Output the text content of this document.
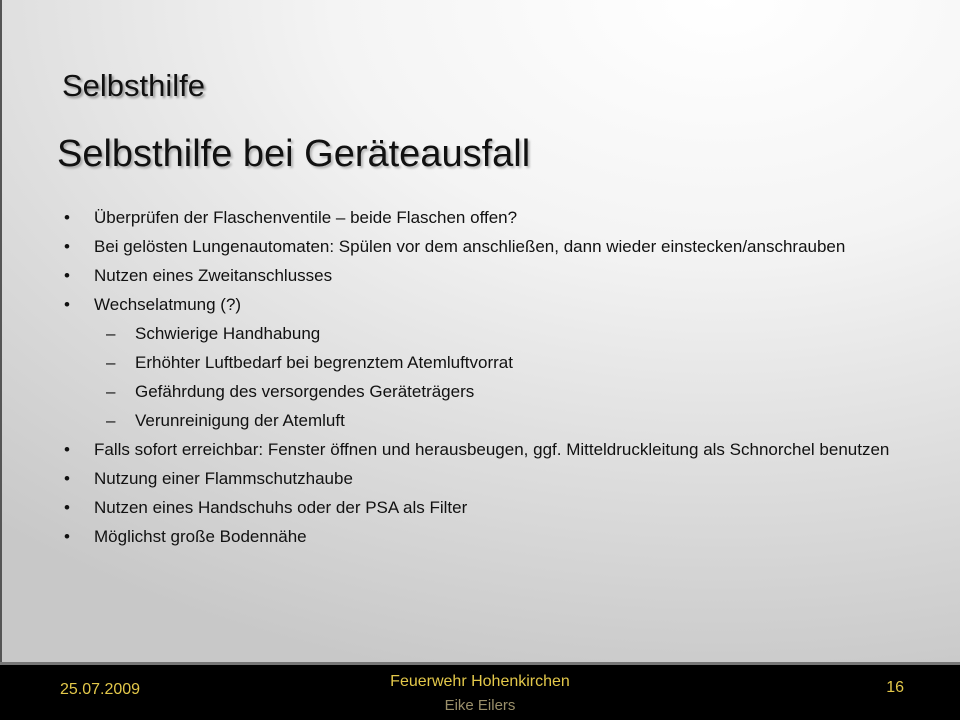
Selbsthilfe
Selbsthilfe bei Geräteausfall
• Überprüfen der Flaschenventile – beide Flaschen offen?
• Bei gelösten Lungenautomaten: Spülen vor dem anschließen, dann wieder einstecken/anschrauben
• Nutzen eines Zweitanschlusses
• Wechselatmung (?)
– Schwierige Handhabung
– Erhöhter Luftbedarf bei begrenztem Atemluftvorrat
– Gefährdung des versorgendes Geräteträgers
– Verunreinigung der Atemluft
• Falls sofort erreichbar: Fenster öffnen und herausbeugen, ggf. Mitteldruckleitung als Schnorchel benutzen
• Nutzung einer Flammschutzhaube
• Nutzen eines Handschuhs oder der PSA als Filter
• Möglichst große Bodennähe
25.07.2009	Feuerwehr Hohenkirchen
Eike Eilers
16
